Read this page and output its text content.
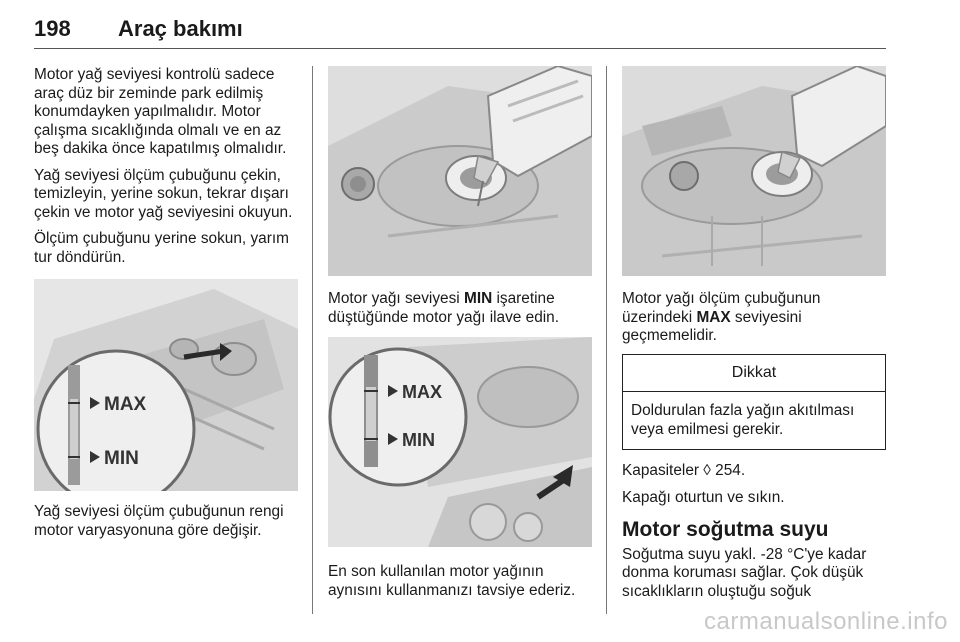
198 Araç bakımı

Motor yağ seviyesi kontrolü sadece araç düz bir zeminde park edilmiş konumdayken yapılmalıdır. Motor çalışma sıcaklığında olmalı ve en az beş dakika önce kapatılmış olmalıdır.

Yağ seviyesi ölçüm çubuğunu çekin, temizleyin, yerine sokun, tekrar dışarı çekin ve motor yağ seviyesini okuyun.

Ölçüm çubuğunu yerine sokun, yarım tur döndürün.

MAX
MIN

Yağ seviyesi ölçüm çubuğunun rengi motor varyasyonuna göre değişir.

Motor yağı seviyesi MIN işaretine düştüğünde motor yağı ilave edin.

MAX
MIN

En son kullanılan motor yağının aynısını kullanmanızı tavsiye ederiz.

Motor yağı ölçüm çubuğunun üzerindeki MAX seviyesini geçmemelidir.

Dikkat
Doldurulan fazla yağın akıtılması veya emilmesi gerekir.

Kapasiteler ◊ 254.

Kapağı oturtun ve sıkın.

Motor soğutma suyu

Soğutma suyu yakl. -28 °C'ye kadar donma koruması sağlar. Çok düşük sıcaklıkların oluştuğu soğuk

carmanualsonline.info
